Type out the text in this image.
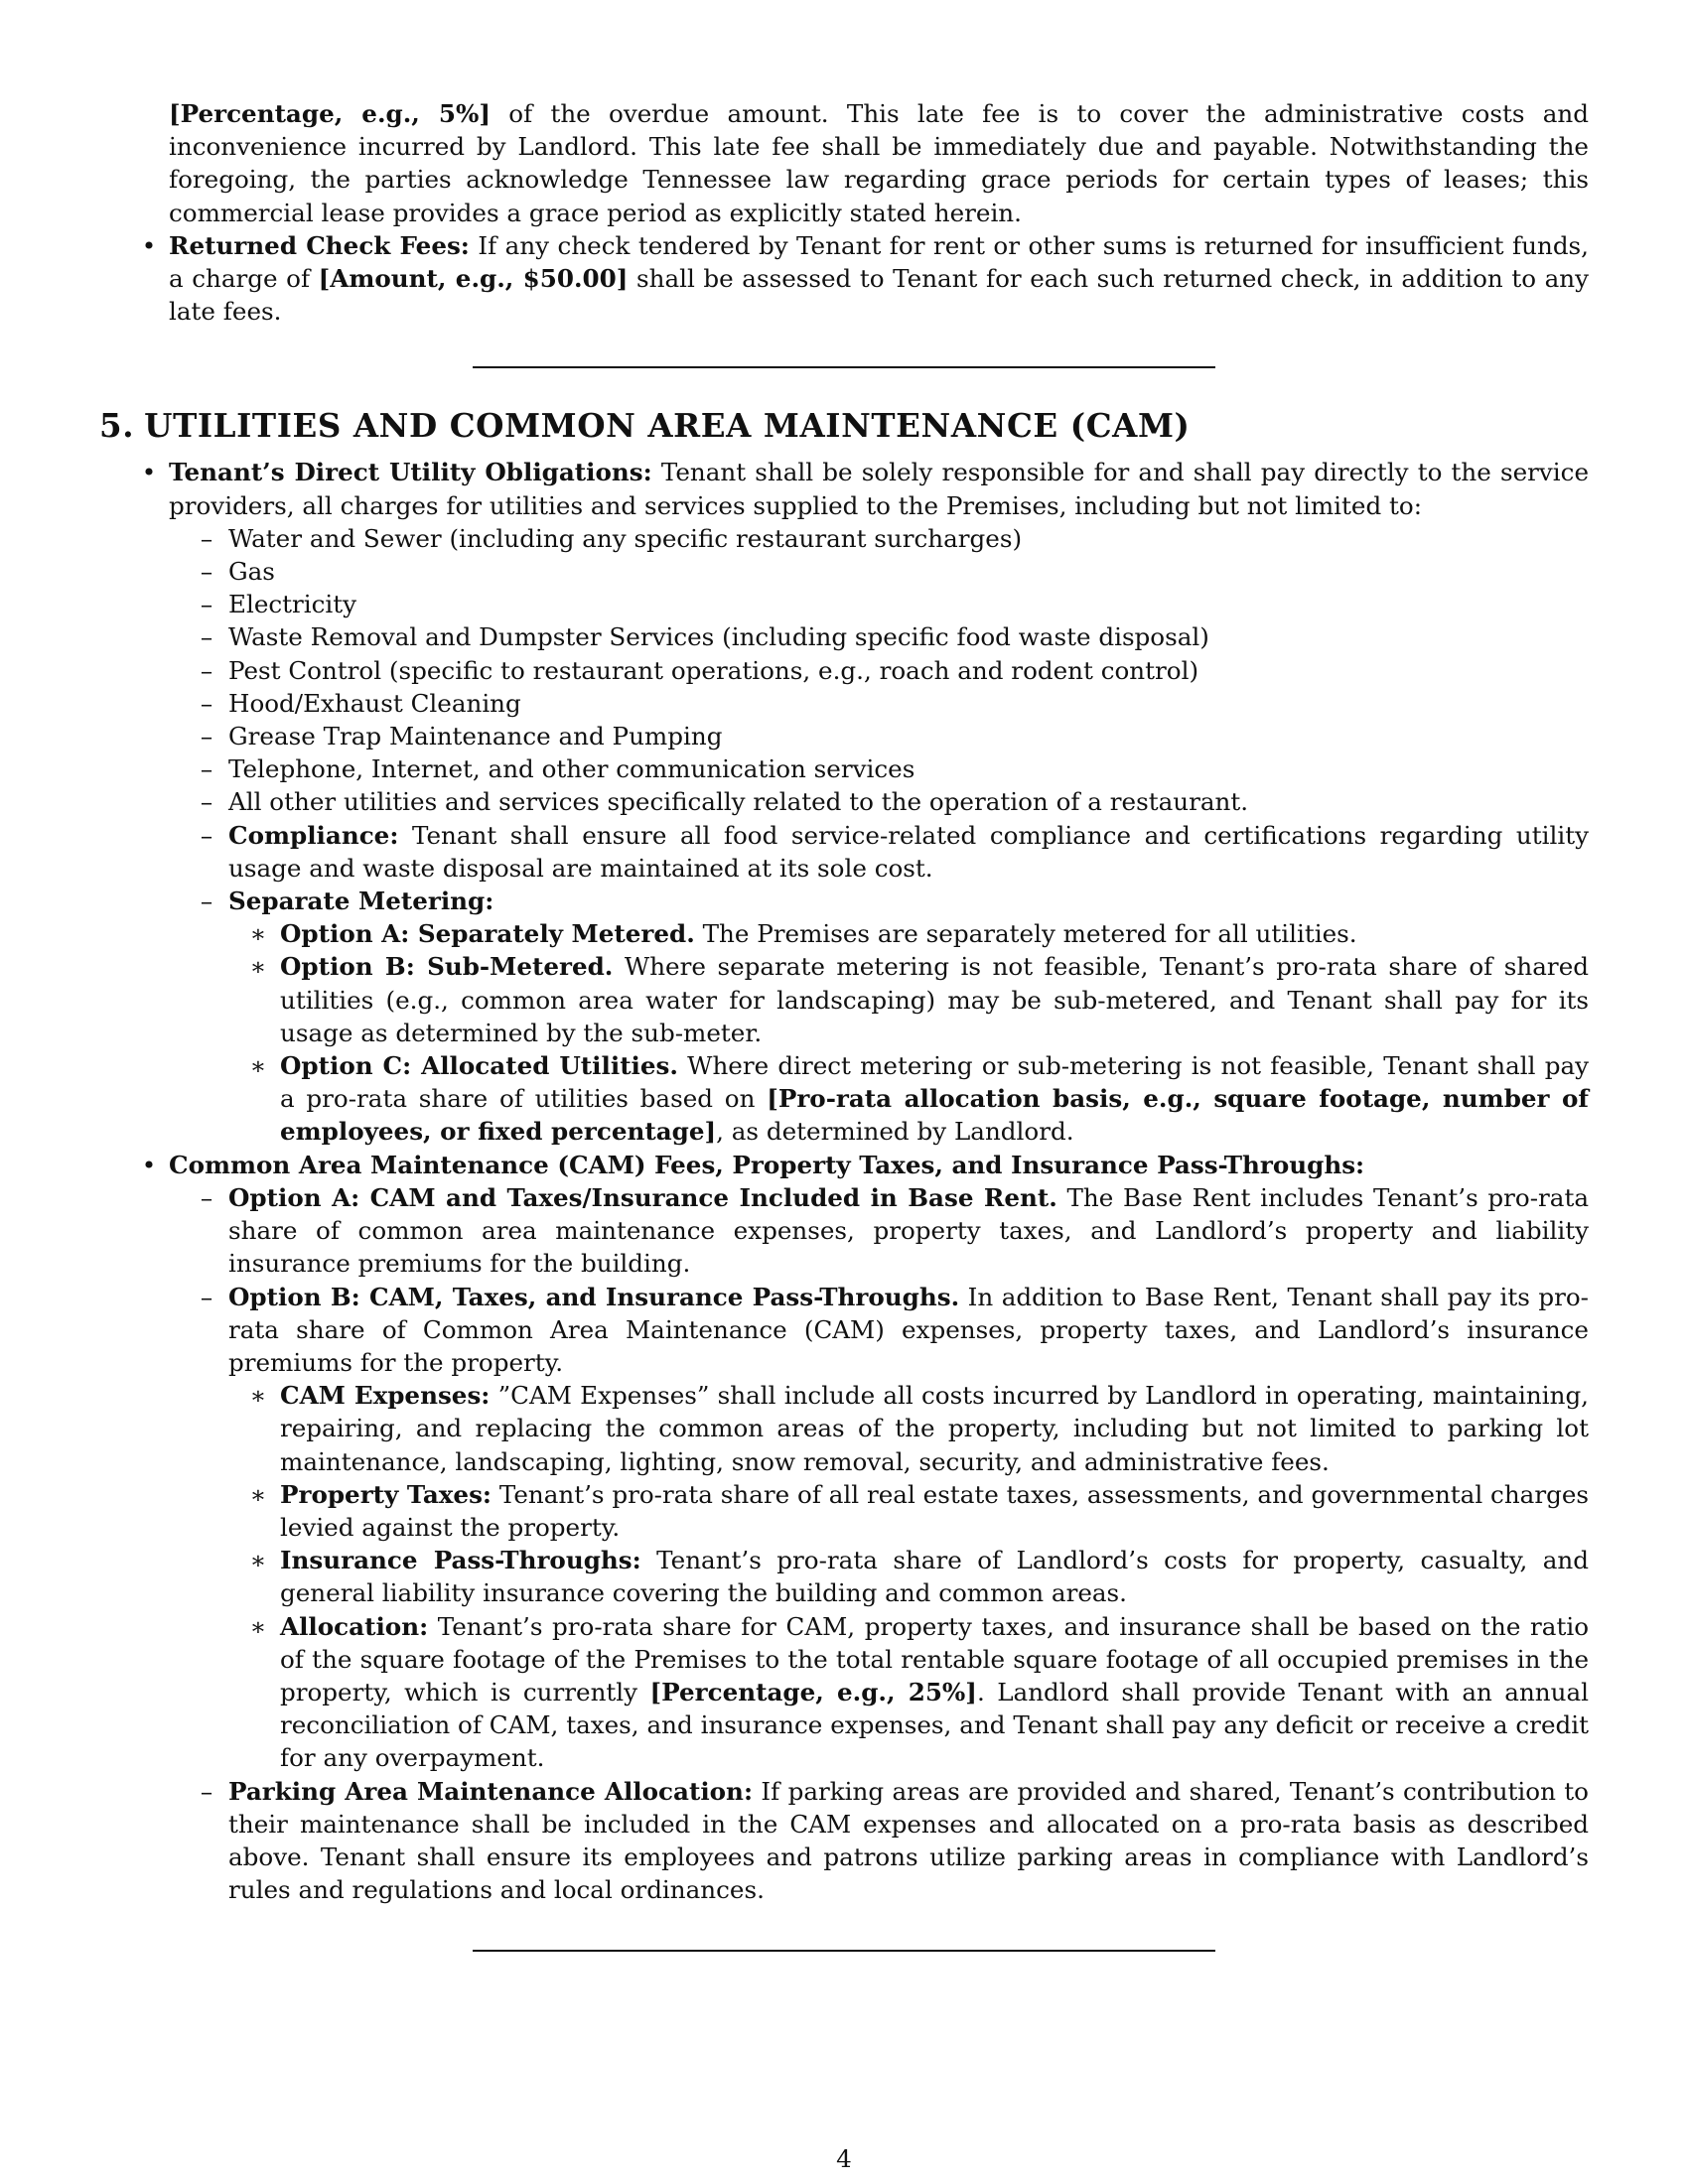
[Percentage, e.g., 5%] of the overdue amount. This late fee is to cover the administrative costs and inconvenience incurred by Landlord. This late fee shall be immediately due and payable. Notwithstanding the foregoing, the parties acknowledge Tennessee law regarding grace periods for certain types of leases; this commercial lease provides a grace period as explicitly stated herein.

• Returned Check Fees: If any check tendered by Tenant for rent or other sums is returned for insufficient funds, a charge of [Amount, e.g., $50.00] shall be assessed to Tenant for each such returned check, in addition to any late fees.

5. UTILITIES AND COMMON AREA MAINTENANCE (CAM)

• Tenant’s Direct Utility Obligations: Tenant shall be solely responsible for and shall pay directly to the service providers, all charges for utilities and services supplied to the Premises, including but not limited to:

– Water and Sewer (including any specific restaurant surcharges)

– Gas

– Electricity

– Waste Removal and Dumpster Services (including specific food waste disposal)

– Pest Control (specific to restaurant operations, e.g., roach and rodent control)

– Hood/Exhaust Cleaning

– Grease Trap Maintenance and Pumping

– Telephone, Internet, and other communication services

– All other utilities and services specifically related to the operation of a restaurant.

– Compliance: Tenant shall ensure all food service-related compliance and certifications regarding utility usage and waste disposal are maintained at its sole cost.

– Separate Metering:

∗ Option A: Separately Metered. The Premises are separately metered for all utilities.

∗ Option B: Sub-Metered. Where separate metering is not feasible, Tenant’s pro-rata share of shared utilities (e.g., common area water for landscaping) may be sub-metered, and Tenant shall pay for its usage as determined by the sub-meter.

∗ Option C: Allocated Utilities. Where direct metering or sub-metering is not feasible, Tenant shall pay a pro-rata share of utilities based on [Pro-rata allocation basis, e.g., square footage, number of employees, or fixed percentage], as determined by Landlord.

• Common Area Maintenance (CAM) Fees, Property Taxes, and Insurance Pass-Throughs:

– Option A: CAM and Taxes/Insurance Included in Base Rent. The Base Rent includes Tenant’s pro-rata share of common area maintenance expenses, property taxes, and Landlord’s property and liability insurance premiums for the building.

– Option B: CAM, Taxes, and Insurance Pass-Throughs. In addition to Base Rent, Tenant shall pay its pro-rata share of Common Area Maintenance (CAM) expenses, property taxes, and Landlord’s insurance premiums for the property.

∗ CAM Expenses: ”CAM Expenses” shall include all costs incurred by Landlord in operating, maintaining, repairing, and replacing the common areas of the property, including but not limited to parking lot maintenance, landscaping, lighting, snow removal, security, and administrative fees.

∗ Property Taxes: Tenant’s pro-rata share of all real estate taxes, assessments, and governmental charges levied against the property.

∗ Insurance Pass-Throughs: Tenant’s pro-rata share of Landlord’s costs for property, casualty, and general liability insurance covering the building and common areas.

∗ Allocation: Tenant’s pro-rata share for CAM, property taxes, and insurance shall be based on the ratio of the square footage of the Premises to the total rentable square footage of all occupied premises in the property, which is currently [Percentage, e.g., 25%]. Landlord shall provide Tenant with an annual reconciliation of CAM, taxes, and insurance expenses, and Tenant shall pay any deficit or receive a credit for any overpayment.

– Parking Area Maintenance Allocation: If parking areas are provided and shared, Tenant’s contribution to their maintenance shall be included in the CAM expenses and allocated on a pro-rata basis as described above. Tenant shall ensure its employees and patrons utilize parking areas in compliance with Landlord’s rules and regulations and local ordinances.

4
